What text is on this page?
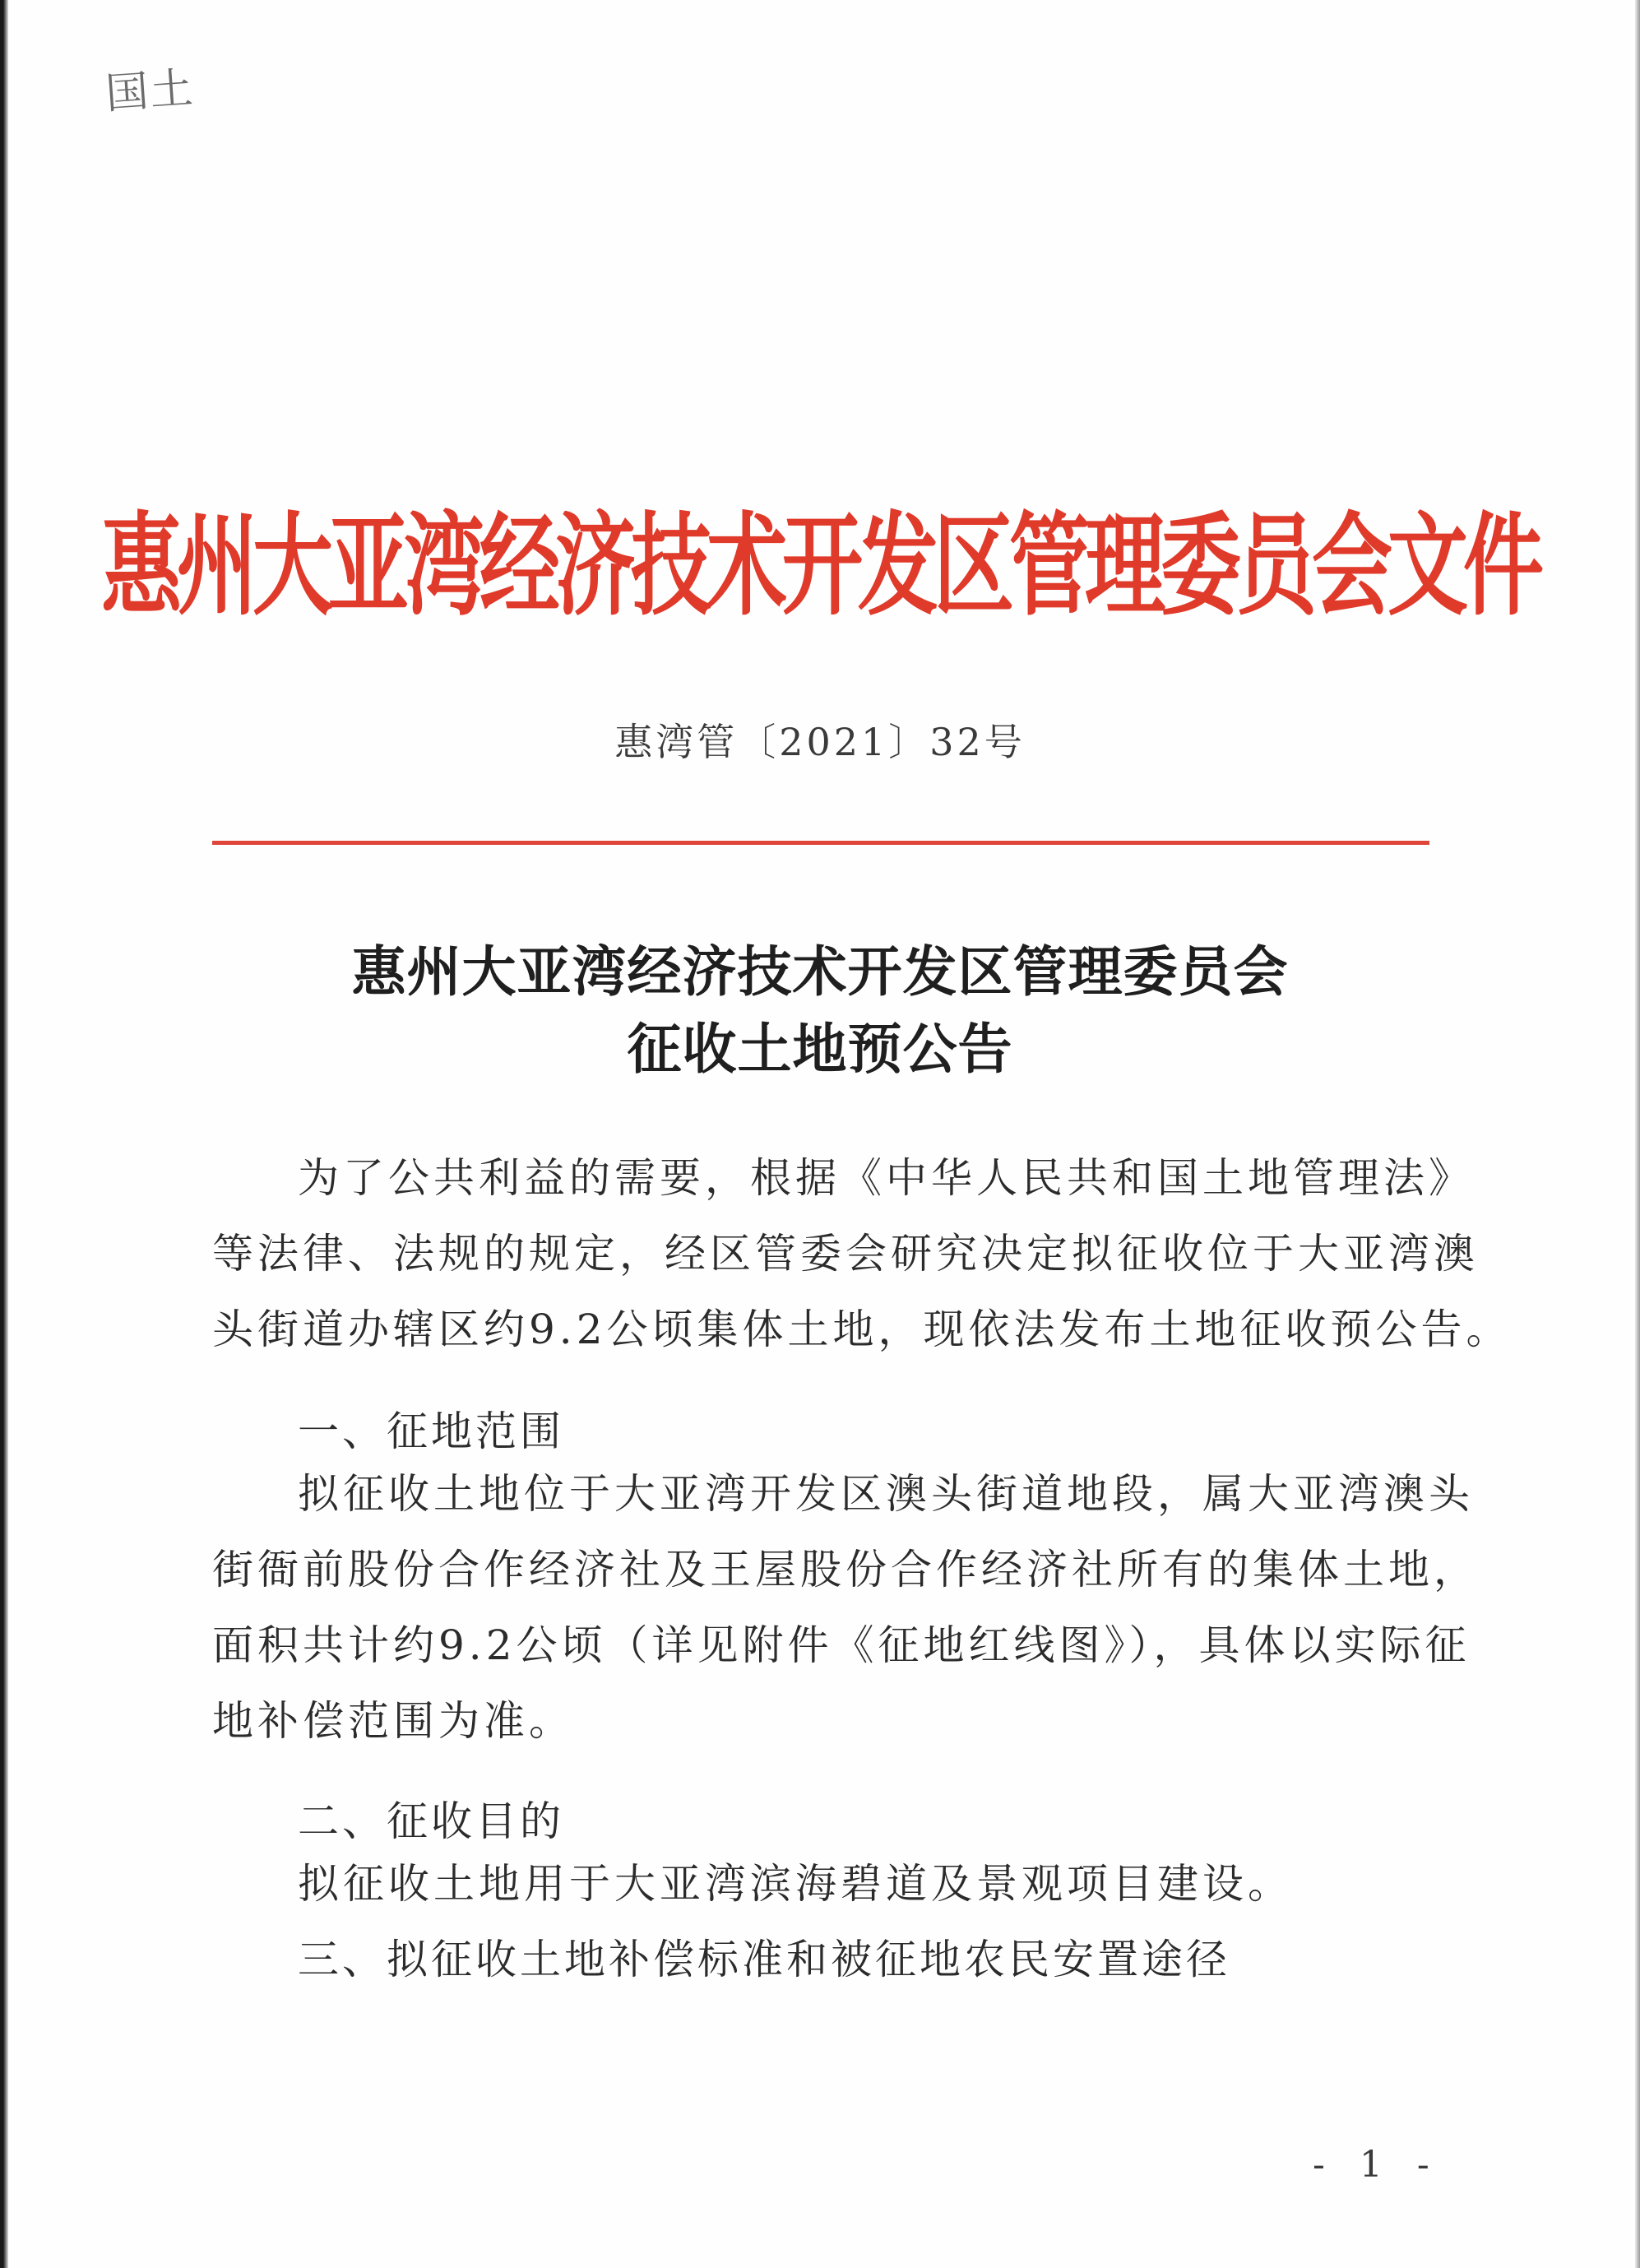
国土
惠州大亚湾经济技术开发区管理委员会文件
惠湾管〔2021〕32号
惠州大亚湾经济技术开发区管理委员会
征收土地预公告
为了公共利益的需要，根据《中华人民共和国土地管理法》
等法律、法规的规定，经区管委会研究决定拟征收位于大亚湾澳
头街道办辖区约9.2公顷集体土地，现依法发布土地征收预公告。
一、征地范围
拟征收土地位于大亚湾开发区澳头街道地段，属大亚湾澳头
街衙前股份合作经济社及王屋股份合作经济社所有的集体土地，
面积共计约9.2公顷（详见附件《征地红线图》），具体以实际征
地补偿范围为准。
二、征收目的
拟征收土地用于大亚湾滨海碧道及景观项目建设。
三、拟征收土地补偿标准和被征地农民安置途径
- 1 -
